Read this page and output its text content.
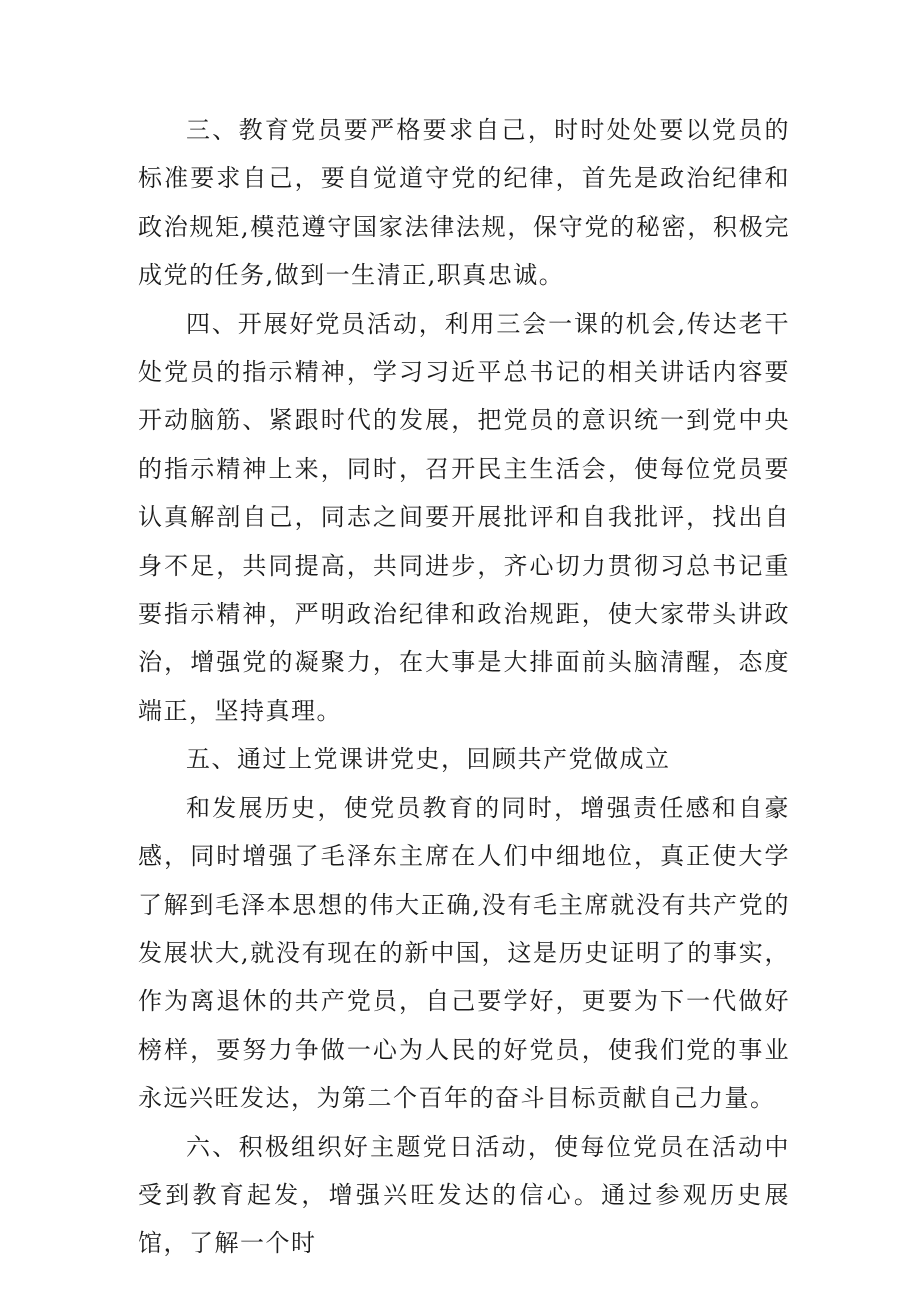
三、教育党员要严格要求自己，时时处处要以党员的标准要求自己，要自觉道守党的纪律，首先是政治纪律和政治规矩,模范遵守国家法律法规，保守党的秘密，积极完成党的任务,做到一生清正,职真忠诚。

四、开展好党员活动，利用三会一课的机会,传达老干处党员的指示精神，学习习近平总书记的相关讲话内容要开动脑筋、紧跟时代的发展，把党员的意识统一到党中央的指示精神上来，同时，召开民主生活会，使每位党员要认真解剖自己，同志之间要开展批评和自我批评，找出自身不足，共同提高，共同进步，齐心切力贯彻习总书记重要指示精神，严明政治纪律和政治规距，使大家带头讲政治，增强党的凝聚力，在大事是大排面前头脑清醒，态度端正，坚持真理。

五、通过上党课讲党史，回顾共产党做成立

和发展历史，使党员教育的同时，增强责任感和自豪感，同时增强了毛泽东主席在人们中细地位，真正使大学了解到毛泽本思想的伟大正确,没有毛主席就没有共产党的发展状大,就没有现在的新中国，这是历史证明了的事实，作为离退休的共产党员，自己要学好，更要为下一代做好榜样，要努力争做一心为人民的好党员，使我们党的事业永远兴旺发达，为第二个百年的奋斗目标贡献自己力量。

六、积极组织好主题党日活动，使每位党员在活动中受到教育起发，增强兴旺发达的信心。通过参观历史展馆，了解一个时
